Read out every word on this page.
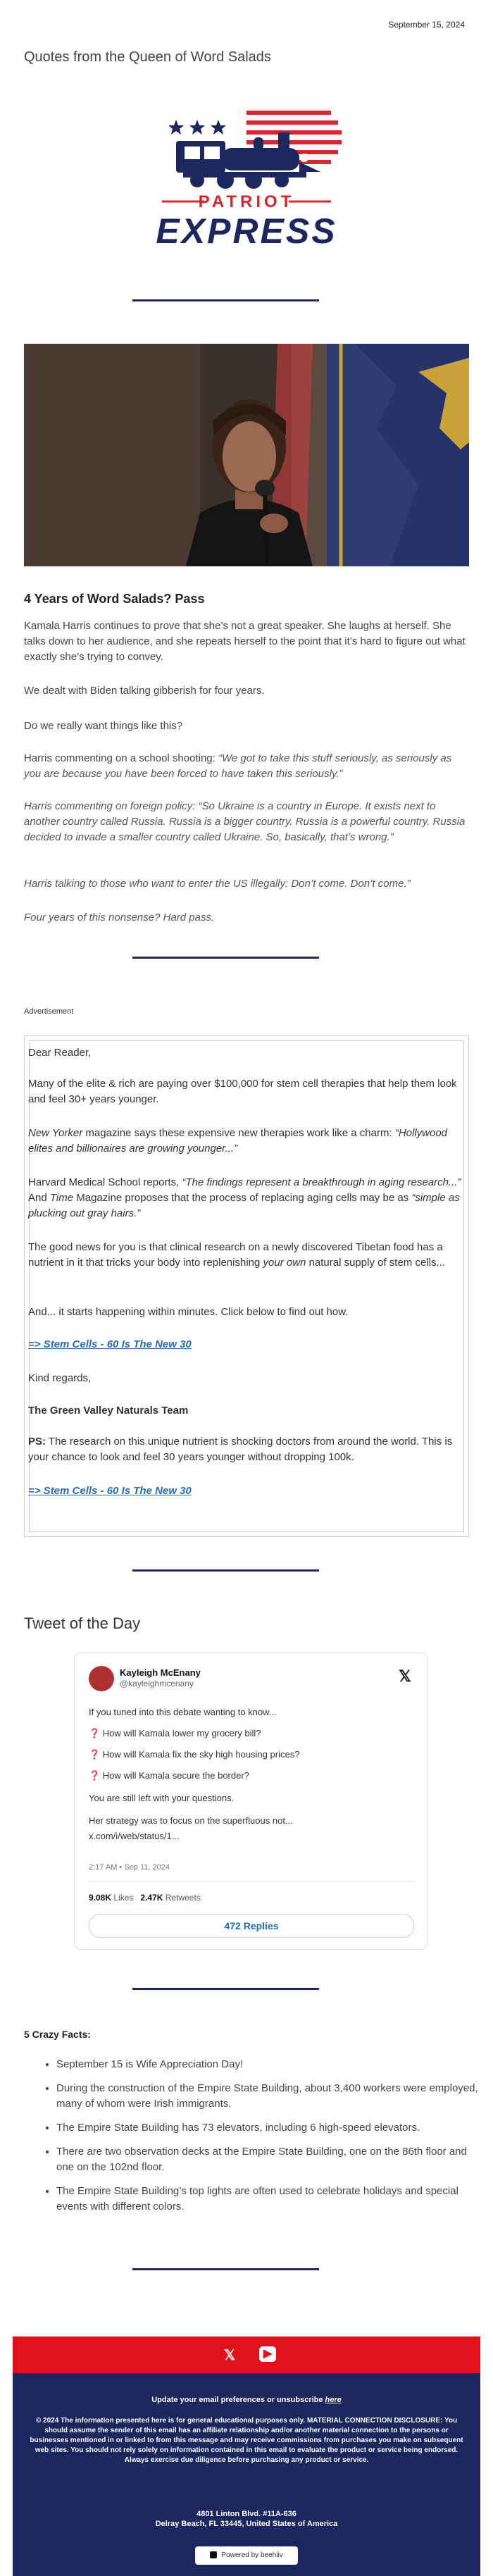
September 15, 2024
Quotes from the Queen of Word Salads
PATRIOT
EXPRESS
4 Years of Word Salads? Pass

Kamala Harris continues to prove that she’s not a great speaker. She laughs at herself. She talks down to her audience, and she repeats herself to the point that it’s hard to figure out what exactly she’s trying to convey.

We dealt with Biden talking gibberish for four years.

Do we really want things like this?

Harris commenting on a school shooting: “We got to take this stuff seriously, as seriously as you are because you have been forced to have taken this seriously.”

Harris commenting on foreign policy: “So Ukraine is a country in Europe. It exists next to another country called Russia. Russia is a bigger country. Russia is a powerful country. Russia decided to invade a smaller country called Ukraine. So, basically, that’s wrong.”

Harris talking to those who want to enter the US illegally: Don’t come. Don’t come.”

Four years of this nonsense? Hard pass.

Advertisement

Dear Reader,

Many of the elite & rich are paying over $100,000 for stem cell therapies that help them look and feel 30+ years younger.

New Yorker magazine says these expensive new therapies work like a charm: “Hollywood elites and billionaires are growing younger...”

Harvard Medical School reports, “The findings represent a breakthrough in aging research...” And Time Magazine proposes that the process of replacing aging cells may be as “simple as plucking out gray hairs.”

The good news for you is that clinical research on a newly discovered Tibetan food has a nutrient in it that tricks your body into replenishing your own natural supply of stem cells...

And... it starts happening within minutes. Click below to find out how.

=> Stem Cells - 60 Is The New 30

Kind regards,

The Green Valley Naturals Team

PS: The research on this unique nutrient is shocking doctors from around the world. This is your chance to look and feel 30 years younger without dropping 100k.

=> Stem Cells - 60 Is The New 30
Tweet of the Day
Kayleigh McEnany
@kayleighmcenany	𝕏
If you tuned into this debate wanting to know...
❓ How will Kamala lower my grocery bill?
❓ How will Kamala fix the sky high housing prices?
❓ How will Kamala secure the border?
You are still left with your questions.
Her strategy was to focus on the superfluous not...
x.com/i/web/status/1...
2:17 AM • Sep 11, 2024
9.08K Likes 2.47K Retweets
472 Replies
5 Crazy Facts:
• September 15 is Wife Appreciation Day!
• During the construction of the Empire State Building, about 3,400 workers were employed, many of whom were Irish immigrants.
• The Empire State Building has 73 elevators, including 6 high-speed elevators.
• There are two observation decks at the Empire State Building, one on the 86th floor and one on the 102nd floor.
• The Empire State Building’s top lights are often used to celebrate holidays and special events with different colors.
𝕏	▶
Update your email preferences or unsubscribe here
© 2024 The information presented here is for general educational purposes only. MATERIAL CONNECTION DISCLOSURE: You should assume the sender of this email has an affiliate relationship and/or another material connection to the persons or businesses mentioned in or linked to from this message and may receive commissions from purchases you make on subsequent web sites. You should not rely solely on information contained in this email to evaluate the product or service being endorsed. Always exercise due diligence before purchasing any product or service.
4801 Linton Blvd. #11A-636
Delray Beach, FL 33445, United States of America
Powered by beehiiv
